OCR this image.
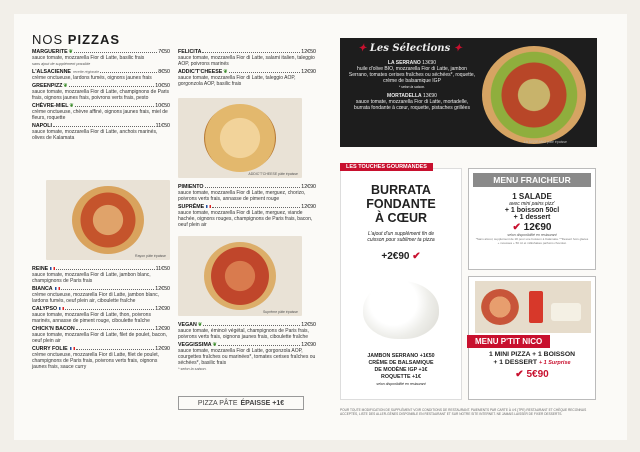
NOS PIZZAS
MARGUERITE ❦	7€50
sauce tomate, mozzarella Fior di Latte, basilic frais
sans ajout de supplément possible
L'ALSACIENNE recette régionale	8€50
crème onctueuse, lardons fumés, oignons jaunes frais
GREENPIZZ ❦	10€50
sauce tomate, mozzarella Fior di Latte, champignons de Paris frais, oignons jaunes frais, poivrons verts frais, pesto
CHÈVRE-MIEL ❦	10€50
crème onctueuse, chèvre affiné, oignons jaunes frais, miel de fleurs, roquette
NAPOLI	11€50
sauce tomate, mozzarella Fior di Latte, anchois marinés, olives de Kalamata
Rayon pâte épaisse
REINE	11€50
sauce tomate, mozzarella Fior di Latte, jambon blanc, champignons de Paris frais
BIANCA	12€50
crème onctueuse, mozzarella Fior di Latte, jambon blanc, lardons fumés, oeuf plein air, ciboulette fraîche
CALYPSO	12€90
sauce tomate, mozzarella Fior di Latte, thon, poivrons marinés, annasse de piment rouge, ciboulette fraîche
CHICK'N BACON	12€90
sauce tomate, mozzarella Fior di Latte, filet de poulet, bacon, oeuf plein air
CURRY FOLIE	12€90
crème onctueuse, mozzarella Fior di Latte, filet de poulet, champignons de Paris frais, poivrons verts frais, oignons jaunes frais, sauce curry
FELICITA	12€50
sauce tomate, mozzarella Fior di Latte, salami italien, taleggio AOP, poivrons marinés
ADDIC'T'CHEESE ❦	12€90
sauce tomate, mozzarella Fior di Latte, taleggio AOP, gorgonzola AOP, basilic frais
ADDIC'T'CHEESE pâte épaisse
PIMIENTO	12€90
sauce tomate, mozzarella Fior di Latte, merguez, chorizo, poivrons verts frais, annasse de piment rouge
SUPRÊME	12€90
sauce tomate, mozzarella Fior di Latte, merguez, viande hachée, oignons rouges, champignons de Paris frais, bacon, oeuf plein air
Suprême pâte épaisse
VEGAN ❦	12€50
sauce tomate, émincé végétal, champignons de Paris frais, poivrons verts frais, oignons jaunes frais, ciboulette fraîche
VEGGISSIMA ❦	12€90
sauce tomate, mozzarella Fior di Latte, gorgonzola AOP, courgettes fraîches ou marinées*, tomates cerises fraîches ou séchées*, basilic frais
* selon la saison.
PIZZA PÂTE ÉPAISSE +1€
✦ Les Sélections ✦
LA SERRANO 13€90
huile d'olive BIO, mozzarella Fior di Latte, jambon Serrano, tomates cerises fraîches ou séchées*, roquette, crème de balsamique IGP
* selon la saison.
MORTADELLA 13€90
sauce tomate, mozzarella Fior di Latte, mortadelle, burrata fondante à cœur, roquette, pistaches grillées
LA SERRANO pâte épaisse
LES TOUCHES GOURMANDES
BURRATA
FONDANTE
À CŒUR
L'ajout d'un supplément fin de cuisson pour sublimer ta pizza
+2€90 ✔
JAMBON SERRANO +1€50
CRÈME DE BALSAMIQUE
DE MODÈNE IGP +1€
ROQUETTE +1€
selon disponibilité en restaurant
MENU FRAICHEUR
1 SALADE
avec mini pains pizz'
+ 1 boisson 50cl
+ 1 dessert
✔ 12€90
selon disponibilité en restaurant
*Sans alcool, supplément de 1€ pour une boisson à Kalamata. **Dessert hors glaces + mousses + 50 ml et milkshakes parfums chocolat.
MENU P'TIT NICO
1 MINI PIZZA + 1 BOISSON
+ 1 DESSERT + 1 Surprise
✔ 5€90
POUR TOUTE MODIFICATION DE SUPPLÉMENT VOIR CONDITIONS DE RESTAURANT. PAIEMENTS PAR CARTE À 4 € (TPE) RESTAURANT ET CHÈQUE RECONNUS ACCEPTÉS, LISTE DES ALLER-GÈNES DISPONIBLE EN RESTAURANT ET SUR NOTRE SITE INTERNET. NE JAMAIS LAISSER DE FIXER DESSERTS.
